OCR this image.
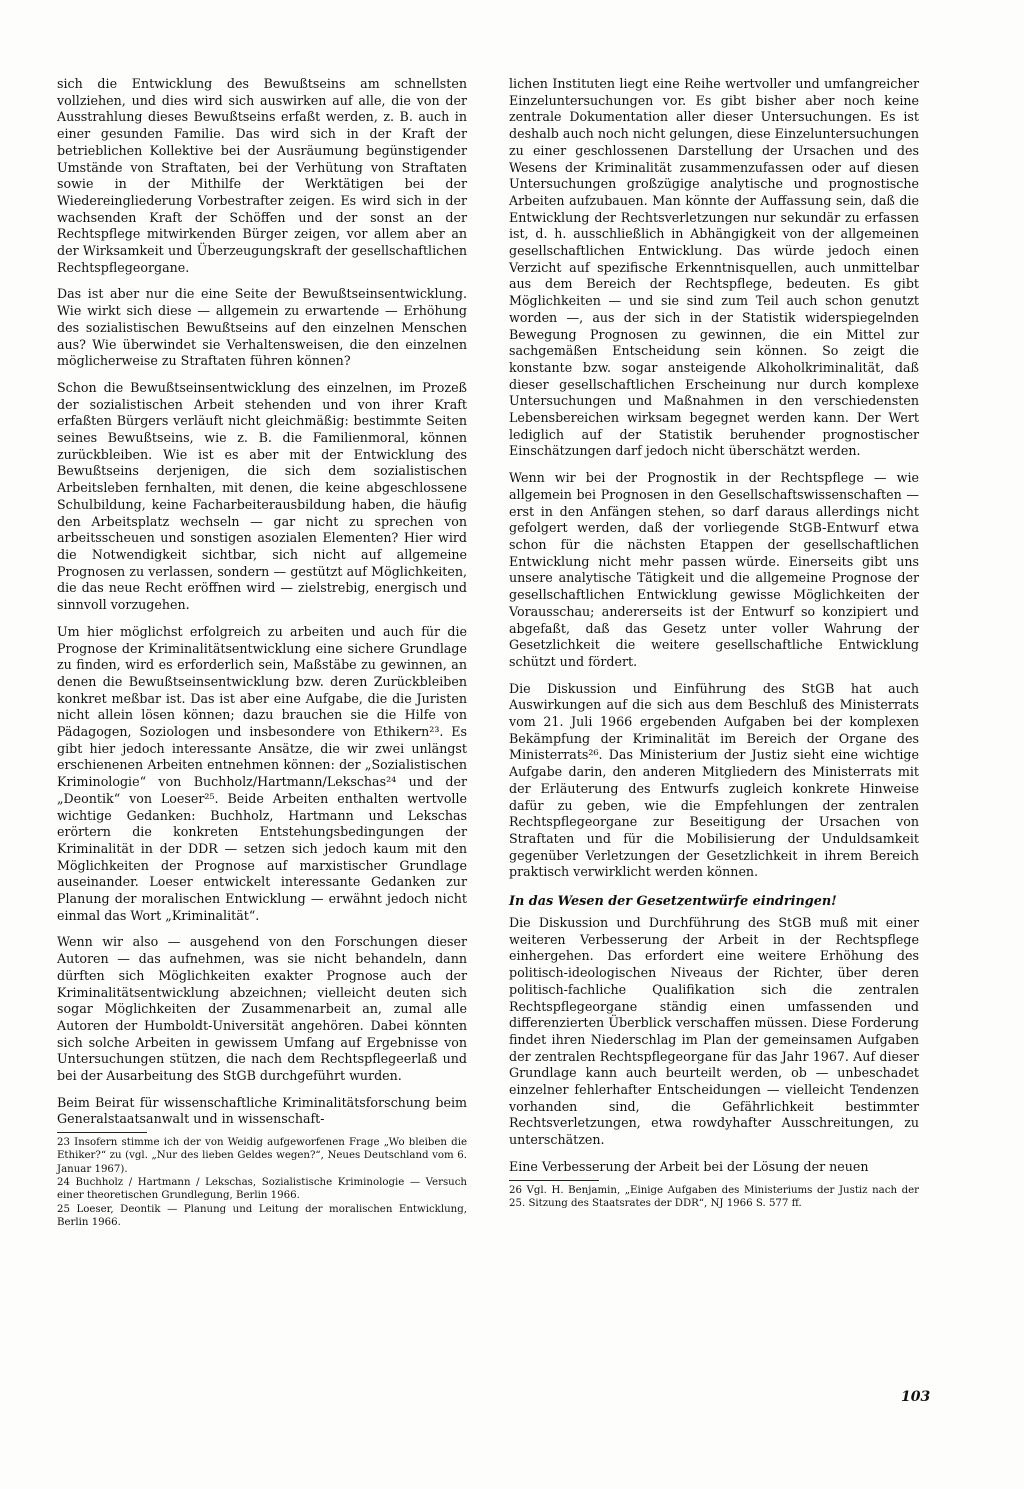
sich die Entwicklung des Bewußtseins am schnellsten vollziehen, und dies wird sich auswirken auf alle, die von der Ausstrahlung dieses Bewußtseins erfaßt werden, z. B. auch in einer gesunden Familie. Das wird sich in der Kraft der betrieblichen Kollektive bei der Ausräumung begünstigender Umstände von Straftaten, bei der Verhütung von Straftaten sowie in der Mithilfe der Werktätigen bei der Wiedereingliederung Vorbestrafter zeigen. Es wird sich in der wachsenden Kraft der Schöffen und der sonst an der Rechtspflege mitwirkenden Bürger zeigen, vor allem aber an der Wirksamkeit und Überzeugungskraft der gesellschaftlichen Rechtspflegeorgane.

Das ist aber nur die eine Seite der Bewußtseinsentwicklung. Wie wirkt sich diese — allgemein zu erwartende — Erhöhung des sozialistischen Bewußtseins auf den einzelnen Menschen aus? Wie überwindet sie Verhaltensweisen, die den einzelnen möglicherweise zu Straftaten führen können?

Schon die Bewußtseinsentwicklung des einzelnen, im Prozeß der sozialistischen Arbeit stehenden und von ihrer Kraft erfaßten Bürgers verläuft nicht gleichmäßig: bestimmte Seiten seines Bewußtseins, wie z. B. die Familienmoral, können zurückbleiben. Wie ist es aber mit der Entwicklung des Bewußtseins derjenigen, die sich dem sozialistischen Arbeitsleben fernhalten, mit denen, die keine abgeschlossene Schulbildung, keine Facharbeiterausbildung haben, die häufig den Arbeitsplatz wechseln — gar nicht zu sprechen von arbeitsscheuen und sonstigen asozialen Elementen? Hier wird die Notwendigkeit sichtbar, sich nicht auf allgemeine Prognosen zu verlassen, sondern — gestützt auf Möglichkeiten, die das neue Recht eröffnen wird — zielstrebig, energisch und sinnvoll vorzugehen.

Um hier möglichst erfolgreich zu arbeiten und auch für die Prognose der Kriminalitätsentwicklung eine sichere Grundlage zu finden, wird es erforderlich sein, Maßstäbe zu gewinnen, an denen die Bewußtseinsentwicklung bzw. deren Zurückbleiben konkret meßbar ist. Das ist aber eine Aufgabe, die die Juristen nicht allein lösen können; dazu brauchen sie die Hilfe von Pädagogen, Soziologen und insbesondere von Ethikern²³. Es gibt hier jedoch interessante Ansätze, die wir zwei unlängst erschienenen Arbeiten entnehmen können: der „Sozialistischen Kriminologie“ von Buchholz/Hartmann/Lekschas²⁴ und der „Deontik“ von Loeser²⁵. Beide Arbeiten enthalten wertvolle wichtige Gedanken: Buchholz, Hartmann und Lekschas erörtern die konkreten Entstehungsbedingungen der Kriminalität in der DDR — setzen sich jedoch kaum mit den Möglichkeiten der Prognose auf marxistischer Grundlage auseinander. Loeser entwickelt interessante Gedanken zur Planung der moralischen Entwicklung — erwähnt jedoch nicht einmal das Wort „Kriminalität“.

Wenn wir also — ausgehend von den Forschungen dieser Autoren — das aufnehmen, was sie nicht behandeln, dann dürften sich Möglichkeiten exakter Prognose auch der Kriminalitätsentwicklung abzeichnen; vielleicht deuten sich sogar Möglichkeiten der Zusammenarbeit an, zumal alle Autoren der Humboldt-Universität angehören. Dabei könnten sich solche Arbeiten in gewissem Umfang auf Ergebnisse von Untersuchungen stützen, die nach dem Rechtspflegeerlaß und bei der Ausarbeitung des StGB durchgeführt wurden.

Beim Beirat für wissenschaftliche Kriminalitätsforschung beim Generalstaatsanwalt und in wissenschaft-

23 Insofern stimme ich der von Weidig aufgeworfenen Frage „Wo bleiben die Ethiker?“ zu (vgl. „Nur des lieben Geldes wegen?“, Neues Deutschland vom 6. Januar 1967).

24 Buchholz / Hartmann / Lekschas, Sozialistische Kriminologie — Versuch einer theoretischen Grundlegung, Berlin 1966.

25 Loeser, Deontik — Planung und Leitung der moralischen Entwicklung, Berlin 1966.

lichen Instituten liegt eine Reihe wertvoller und umfangreicher Einzeluntersuchungen vor. Es gibt bisher aber noch keine zentrale Dokumentation aller dieser Untersuchungen. Es ist deshalb auch noch nicht gelungen, diese Einzeluntersuchungen zu einer geschlossenen Darstellung der Ursachen und des Wesens der Kriminalität zusammenzufassen oder auf diesen Untersuchungen großzügige analytische und prognostische Arbeiten aufzubauen. Man könnte der Auffassung sein, daß die Entwicklung der Rechtsverletzungen nur sekundär zu erfassen ist, d. h. ausschließlich in Abhängigkeit von der allgemeinen gesellschaftlichen Entwicklung. Das würde jedoch einen Verzicht auf spezifische Erkenntnisquellen, auch unmittelbar aus dem Bereich der Rechtspflege, bedeuten. Es gibt Möglichkeiten — und sie sind zum Teil auch schon genutzt worden —, aus der sich in der Statistik widerspiegelnden Bewegung Prognosen zu gewinnen, die ein Mittel zur sachgemäßen Entscheidung sein können. So zeigt die konstante bzw. sogar ansteigende Alkoholkriminalität, daß dieser gesellschaftlichen Erscheinung nur durch komplexe Untersuchungen und Maßnahmen in den verschiedensten Lebensbereichen wirksam begegnet werden kann. Der Wert lediglich auf der Statistik beruhender prognostischer Einschätzungen darf jedoch nicht überschätzt werden.

Wenn wir bei der Prognostik in der Rechtspflege — wie allgemein bei Prognosen in den Gesellschaftswissenschaften — erst in den Anfängen stehen, so darf daraus allerdings nicht gefolgert werden, daß der vorliegende StGB-Entwurf etwa schon für die nächsten Etappen der gesellschaftlichen Entwicklung nicht mehr passen würde. Einerseits gibt uns unsere analytische Tätigkeit und die allgemeine Prognose der gesellschaftlichen Entwicklung gewisse Möglichkeiten der Vorausschau; andererseits ist der Entwurf so konzipiert und abgefaßt, daß das Gesetz unter voller Wahrung der Gesetzlichkeit die weitere gesellschaftliche Entwicklung schützt und fördert.

Die Diskussion und Einführung des StGB hat auch Auswirkungen auf die sich aus dem Beschluß des Ministerrats vom 21. Juli 1966 ergebenden Aufgaben bei der komplexen Bekämpfung der Kriminalität im Bereich der Organe des Ministerrats²⁶. Das Ministerium der Justiz sieht eine wichtige Aufgabe darin, den anderen Mitgliedern des Ministerrats mit der Erläuterung des Entwurfs zugleich konkrete Hinweise dafür zu geben, wie die Empfehlungen der zentralen Rechtspflegeorgane zur Beseitigung der Ursachen von Straftaten und für die Mobilisierung der Unduldsamkeit gegenüber Verletzungen der Gesetzlichkeit in ihrem Bereich praktisch verwirklicht werden können.

In das Wesen der Gesetzentwürfe eindringen!

Die Diskussion und Durchführung des StGB muß mit einer weiteren Verbesserung der Arbeit in der Rechtspflege einhergehen. Das erfordert eine weitere Erhöhung des politisch-ideologischen Niveaus der Richter, über deren politisch-fachliche Qualifikation sich die zentralen Rechtspflegeorgane ständig einen umfassenden und differenzierten Überblick verschaffen müssen. Diese Forderung findet ihren Niederschlag im Plan der gemeinsamen Aufgaben der zentralen Rechtspflegeorgane für das Jahr 1967. Auf dieser Grundlage kann auch beurteilt werden, ob — unbeschadet einzelner fehlerhafter Entscheidungen — vielleicht Tendenzen vorhanden sind, die Gefährlichkeit bestimmter Rechtsverletzungen, etwa rowdyhafter Ausschreitungen, zu unterschätzen.

Eine Verbesserung der Arbeit bei der Lösung der neuen

26 Vgl. H. Benjamin, „Einige Aufgaben des Ministeriums der Justiz nach der 25. Sitzung des Staatsrates der DDR“, NJ 1966 S. 577 ff.

103
